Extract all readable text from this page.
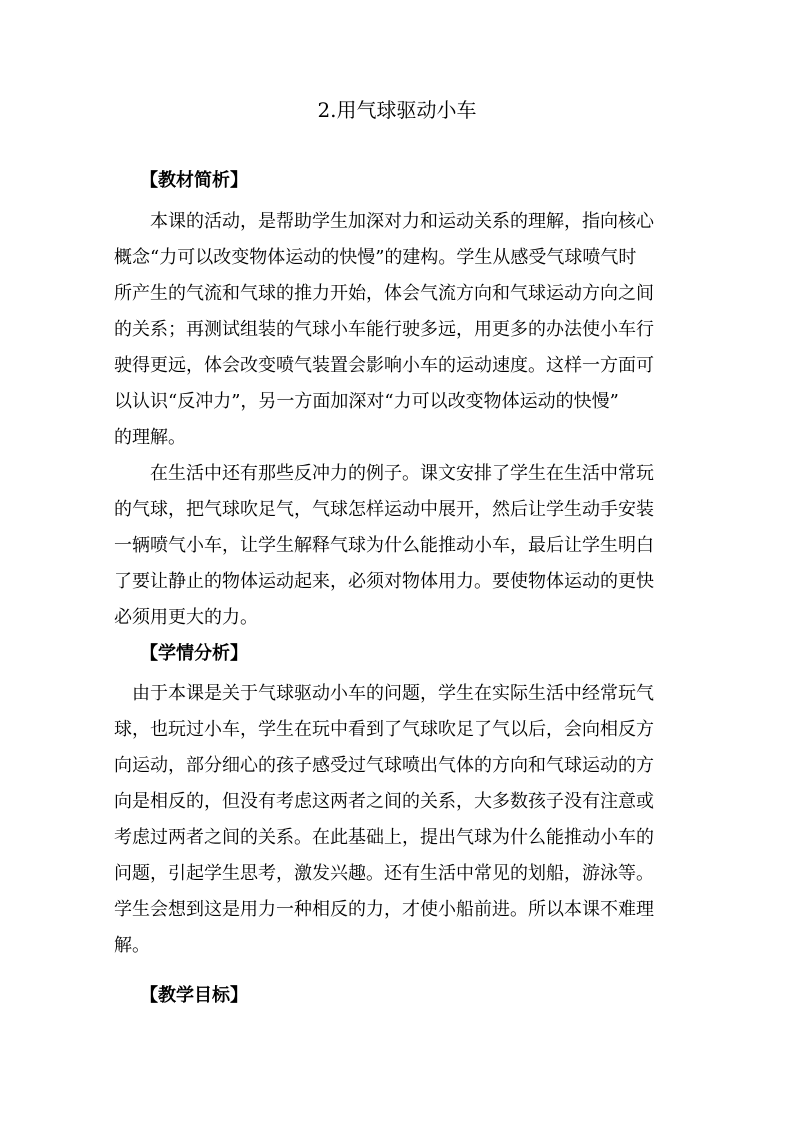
2.用气球驱动小车
【教材简析】
本课的活动，是帮助学生加深对力和运动关系的理解，指向核心
概念“力可以改变物体运动的快慢”的建构。学生从感受气球喷气时
所产生的气流和气球的推力开始，体会气流方向和气球运动方向之间
的关系；再测试组装的气球小车能行驶多远，用更多的办法使小车行
驶得更远，体会改变喷气装置会影响小车的运动速度。这样一方面可
以认识“反冲力”，另一方面加深对“力可以改变物体运动的快慢”
的理解。
在生活中还有那些反冲力的例子。课文安排了学生在生活中常玩
的气球，把气球吹足气，气球怎样运动中展开，然后让学生动手安装
一辆喷气小车，让学生解释气球为什么能推动小车，最后让学生明白
了要让静止的物体运动起来，必须对物体用力。要使物体运动的更快
必须用更大的力。
【学情分析】
由于本课是关于气球驱动小车的问题，学生在实际生活中经常玩气
球，也玩过小车，学生在玩中看到了气球吹足了气以后，会向相反方
向运动，部分细心的孩子感受过气球喷出气体的方向和气球运动的方
向是相反的，但没有考虑这两者之间的关系，大多数孩子没有注意或
考虑过两者之间的关系。在此基础上，提出气球为什么能推动小车的
问题，引起学生思考，激发兴趣。还有生活中常见的划船，游泳等。
学生会想到这是用力一种相反的力，才使小船前进。所以本课不难理
解。
【教学目标】
